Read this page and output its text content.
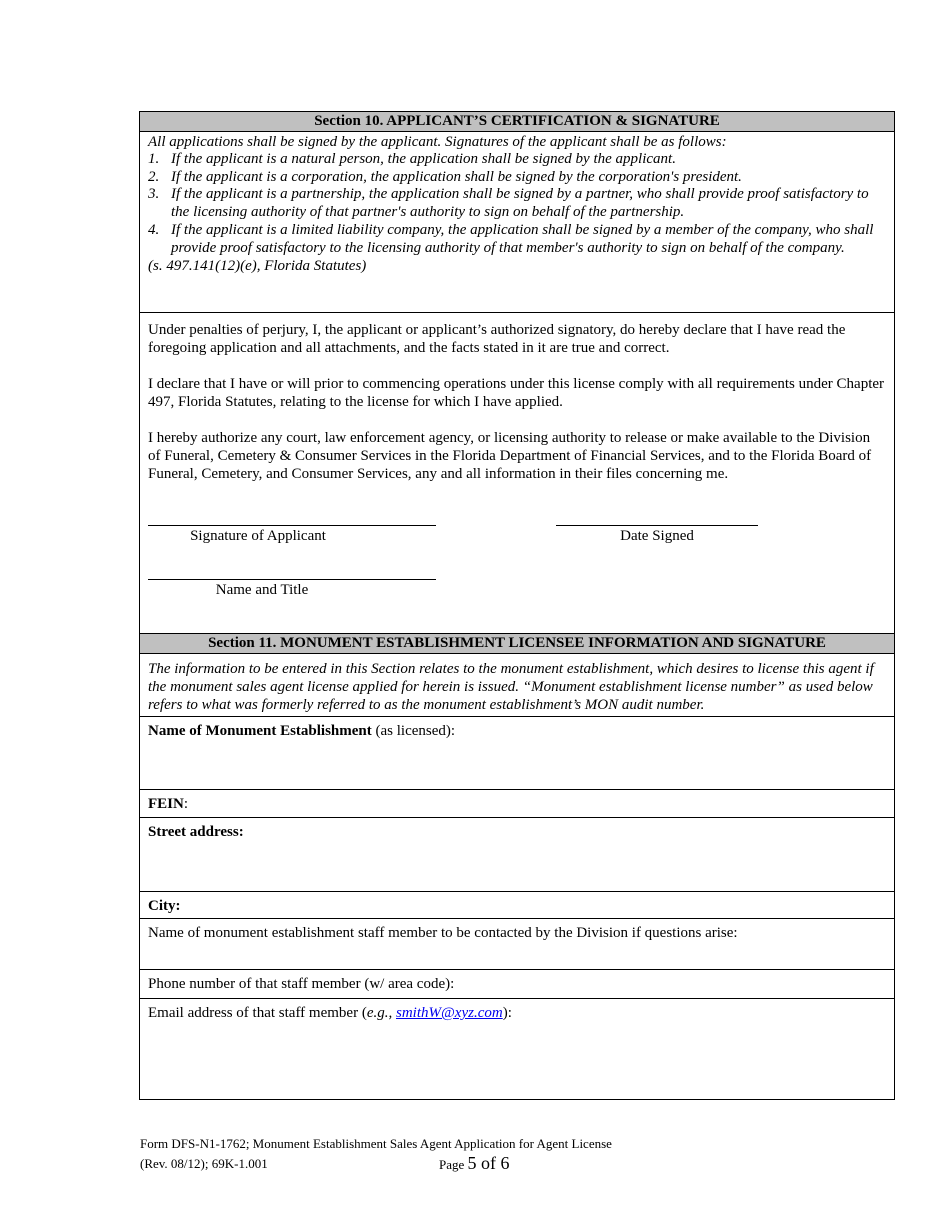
Section 10. APPLICANT’S CERTIFICATION & SIGNATURE
All applications shall be signed by the applicant. Signatures of the applicant shall be as follows:
1. If the applicant is a natural person, the application shall be signed by the applicant.
2. If the applicant is a corporation, the application shall be signed by the corporation's president.
3. If the applicant is a partnership, the application shall be signed by a partner, who shall provide proof satisfactory to the licensing authority of that partner's authority to sign on behalf of the partnership.
4. If the applicant is a limited liability company, the application shall be signed by a member of the company, who shall provide proof satisfactory to the licensing authority of that member's authority to sign on behalf of the company.
(s. 497.141(12)(e), Florida Statutes)

Under penalties of perjury, I, the applicant or applicant’s authorized signatory, do hereby declare that I have read the foregoing application and all attachments, and the facts stated in it are true and correct.

I declare that I have or will prior to commencing operations under this license comply with all requirements under Chapter 497, Florida Statutes, relating to the license for which I have applied.

I hereby authorize any court, law enforcement agency, or licensing authority to release or make available to the Division of Funeral, Cemetery & Consumer Services in the Florida Department of Financial Services, and to the Florida Board of Funeral, Cemetery, and Consumer Services, any and all information in their files concerning me.

Signature of Applicant	Date Signed
Name and Title
Section 11. MONUMENT ESTABLISHMENT LICENSEE INFORMATION AND SIGNATURE
The information to be entered in this Section relates to the monument establishment, which desires to license this agent if the monument sales agent license applied for herein is issued. “Monument establishment license number” as used below refers to what was formerly referred to as the monument establishment’s MON audit number.
Name of Monument Establishment (as licensed):
FEIN:
Street address:
City:
Name of monument establishment staff member to be contacted by the Division if questions arise:
Phone number of that staff member (w/ area code):
Email address of that staff member (e.g., smithW@xyz.com):
Form DFS-N1-1762; Monument Establishment Sales Agent Application for Agent License
(Rev. 08/12); 69K-1.001	Page 5 of 6
